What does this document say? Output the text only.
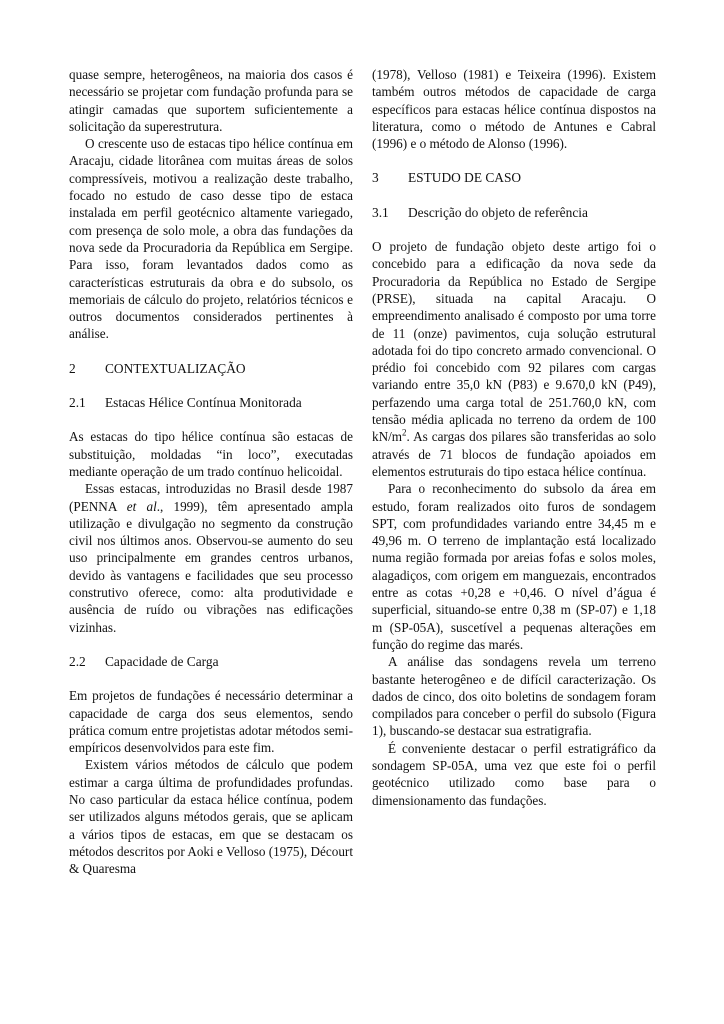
quase sempre, heterogêneos, na maioria dos casos é necessário se projetar com fundação profunda para se atingir camadas que suportem suficientemente a solicitação da superestrutura.

O crescente uso de estacas tipo hélice contínua em Aracaju, cidade litorânea com muitas áreas de solos compressíveis, motivou a realização deste trabalho, focado no estudo de caso desse tipo de estaca instalada em perfil geotécnico altamente variegado, com presença de solo mole, a obra das fundações da nova sede da Procuradoria da República em Sergipe. Para isso, foram levantados dados como as características estruturais da obra e do subsolo, os memoriais de cálculo do projeto, relatórios técnicos e outros documentos considerados pertinentes à análise.

2 CONTEXTUALIZAÇÃO
2.1 Estacas Hélice Contínua Monitorada

As estacas do tipo hélice contínua são estacas de substituição, moldadas “in loco”, executadas mediante operação de um trado contínuo helicoidal.

Essas estacas, introduzidas no Brasil desde 1987 (PENNA et al., 1999), têm apresentado ampla utilização e divulgação no segmento da construção civil nos últimos anos. Observou-se aumento do seu uso principalmente em grandes centros urbanos, devido às vantagens e facilidades que seu processo construtivo oferece, como: alta produtividade e ausência de ruído ou vibrações nas edificações vizinhas.

2.2 Capacidade de Carga

Em projetos de fundações é necessário determinar a capacidade de carga dos seus elementos, sendo prática comum entre projetistas adotar métodos semi-empíricos desenvolvidos para este fim.

Existem vários métodos de cálculo que podem estimar a carga última de profundidades profundas. No caso particular da estaca hélice contínua, podem ser utilizados alguns métodos gerais, que se aplicam a vários tipos de estacas, em que se destacam os métodos descritos por Aoki e Velloso (1975), Décourt & Quaresma

(1978), Velloso (1981) e Teixeira (1996). Existem também outros métodos de capacidade de carga específicos para estacas hélice contínua dispostos na literatura, como o método de Antunes e Cabral (1996) e o método de Alonso (1996).

3 ESTUDO DE CASO
3.1 Descrição do objeto de referência

O projeto de fundação objeto deste artigo foi o concebido para a edificação da nova sede da Procuradoria da República no Estado de Sergipe (PRSE), situada na capital Aracaju. O empreendimento analisado é composto por uma torre de 11 (onze) pavimentos, cuja solução estrutural adotada foi do tipo concreto armado convencional. O prédio foi concebido com 92 pilares com cargas variando entre 35,0 kN (P83) e 9.670,0 kN (P49), perfazendo uma carga total de 251.760,0 kN, com tensão média aplicada no terreno da ordem de 100 $kN/m^2$. As cargas dos pilares são transferidas ao solo através de 71 blocos de fundação apoiados em elementos estruturais do tipo estaca hélice contínua.

Para o reconhecimento do subsolo da área em estudo, foram realizados oito furos de sondagem SPT, com profundidades variando entre 34,45 m e 49,96 m. O terreno de implantação está localizado numa região formada por areias fofas e solos moles, alagadiços, com origem em manguezais, encontrados entre as cotas +0,28 e +0,46. O nível d’água é superficial, situando-se entre 0,38 m (SP-07) e 1,18 m (SP-05A), suscetível a pequenas alterações em função do regime das marés.

A análise das sondagens revela um terreno bastante heterogêneo e de difícil caracterização. Os dados de cinco, dos oito boletins de sondagem foram compilados para conceber o perfil do subsolo (Figura 1), buscando-se destacar sua estratigrafia.

É conveniente destacar o perfil estratigráfico da sondagem SP-05A, uma vez que este foi o perfil geotécnico utilizado como base para o dimensionamento das fundações.
